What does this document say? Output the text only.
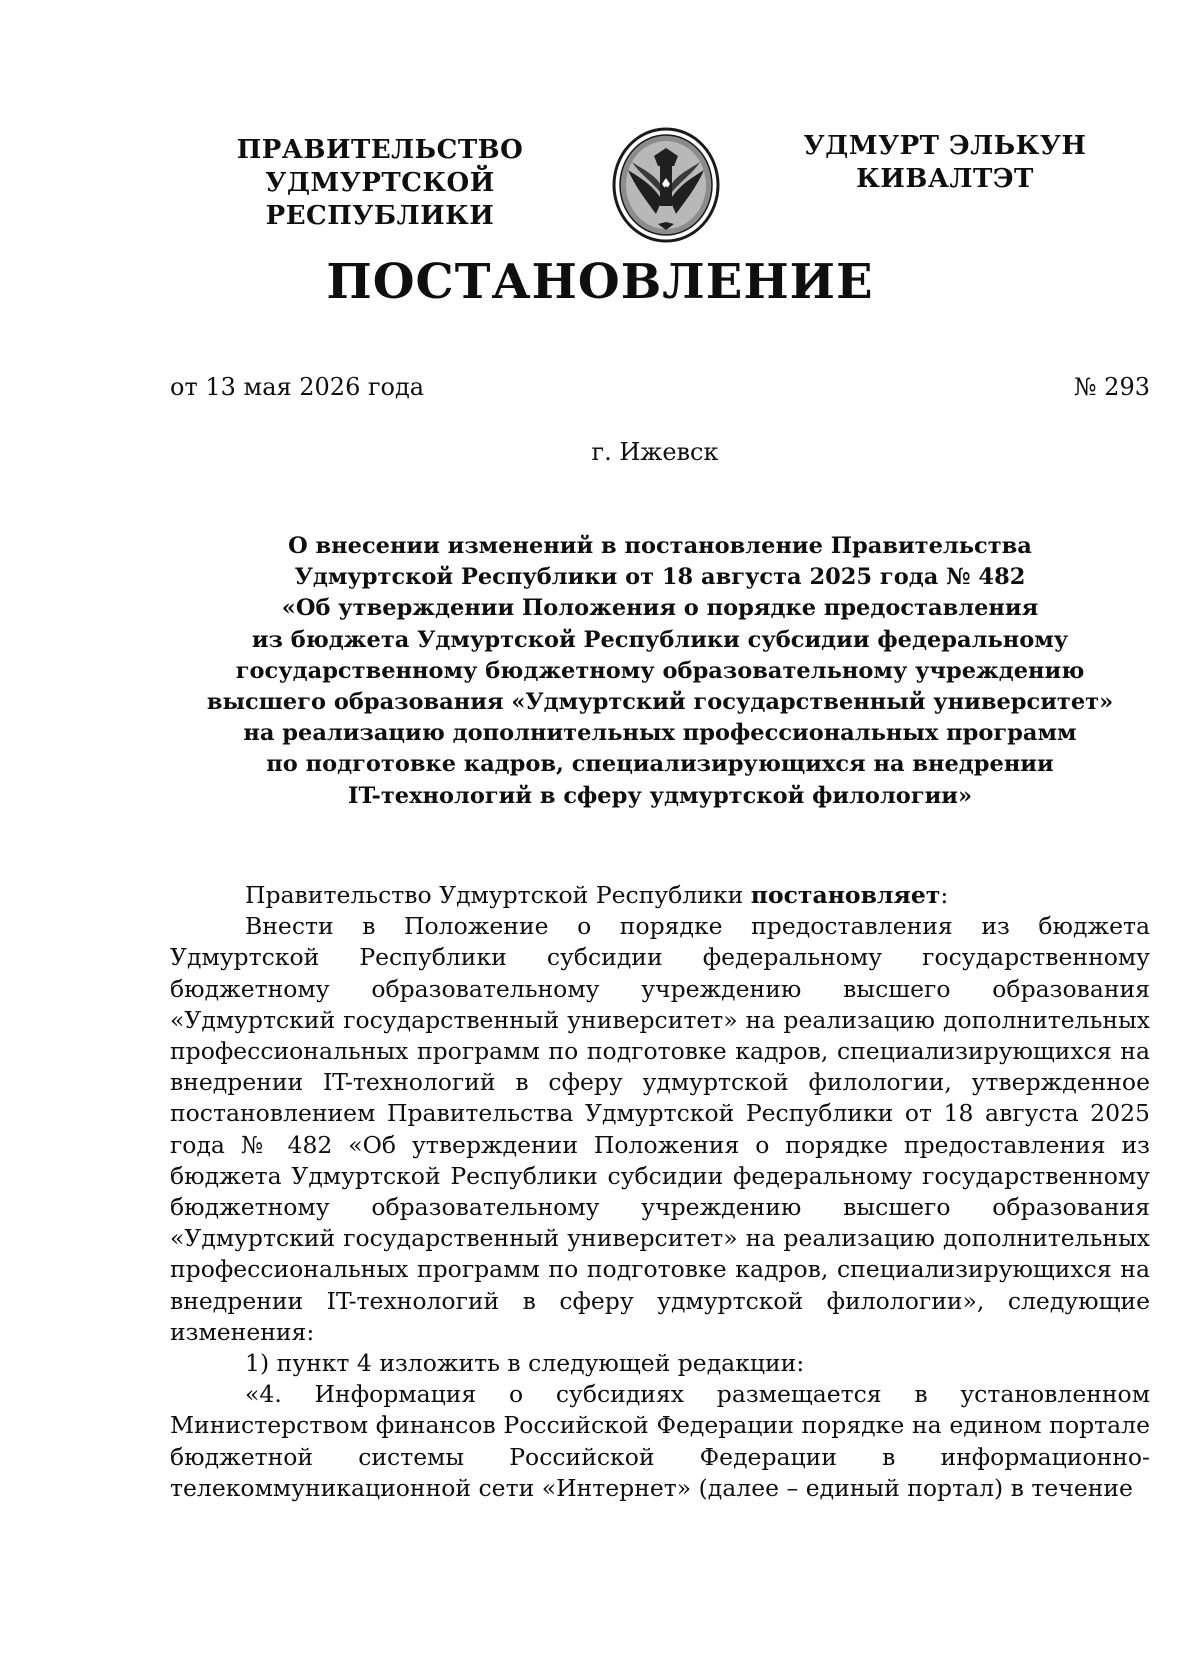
ПРАВИТЕЛЬСТВО
УДМУРТСКОЙ РЕСПУБЛИКИ
УДМУРТ ЭЛЬКУН
КИВАЛТЭТ
ПОСТАНОВЛЕНИЕ
от 13 мая 2026 года	№ 293
г. Ижевск
О внесении изменений в постановление Правительства
Удмуртской Республики от 18 августа 2025 года № 482
«Об утверждении Положения о порядке предоставления
из бюджета Удмуртской Республики субсидии федеральному
государственному бюджетному образовательному учреждению
высшего образования «Удмуртский государственный университет»
на реализацию дополнительных профессиональных программ
по подготовке кадров, специализирующихся на внедрении
IT-технологий в сферу удмуртской филологии»

Правительство Удмуртской Республики постановляет:

Внести в Положение о порядке предоставления из бюджета Удмуртской Республики субсидии федеральному государственному бюджетному образовательному учреждению высшего образования «Удмуртский государственный университет» на реализацию дополнительных профессиональных программ по подготовке кадров, специализирующихся на внедрении IT-технологий в сферу удмуртской филологии, утвержденное постановлением Правительства Удмуртской Республики от 18 августа 2025 года № 482 «Об утверждении Положения о порядке предоставления из бюджета Удмуртской Республики субсидии федеральному государственному бюджетному образовательному учреждению высшего образования «Удмуртский государственный университет» на реализацию дополнительных профессиональных программ по подготовке кадров, специализирующихся на внедрении IT-технологий в сферу удмуртской филологии», следующие изменения:

1) пункт 4 изложить в следующей редакции:

«4. Информация о субсидиях размещается в установленном Министерством финансов Российской Федерации порядке на едином портале бюджетной системы Российской Федерации в информационно-телекоммуникационной сети «Интернет» (далее – единый портал) в течение
